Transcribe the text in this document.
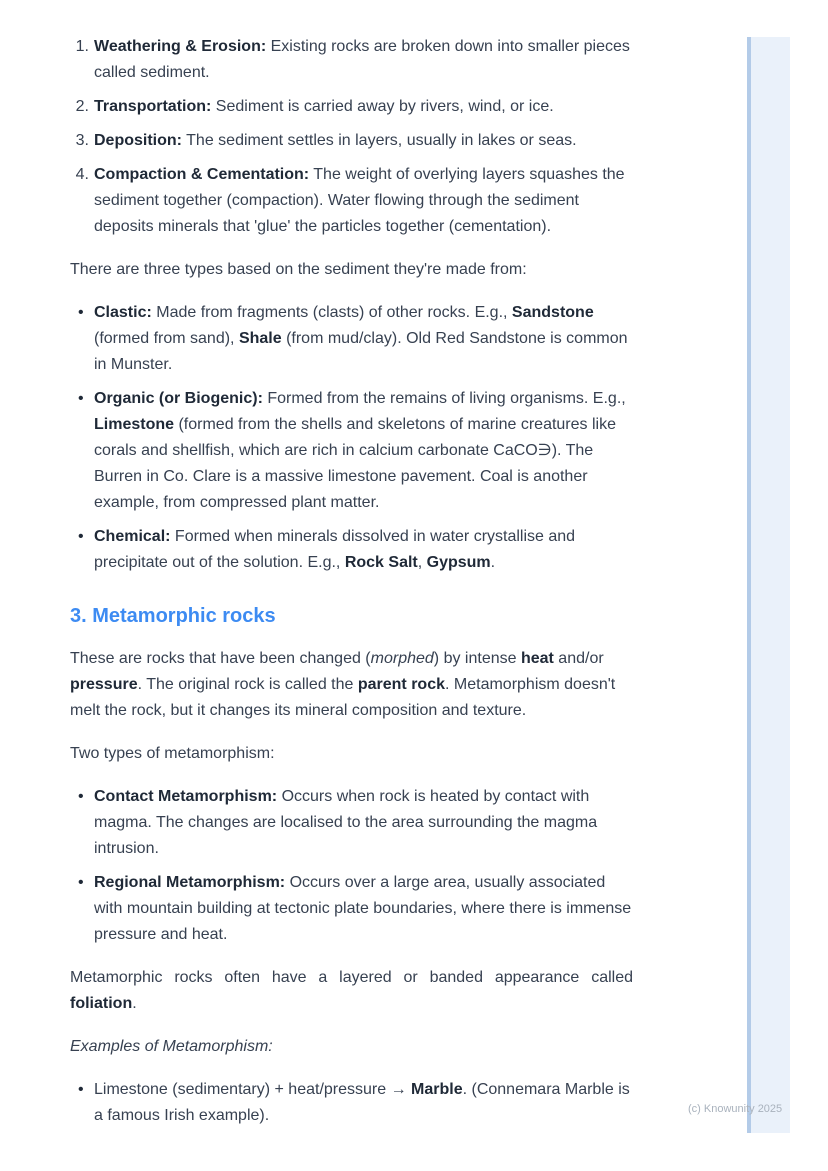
1. Weathering & Erosion: Existing rocks are broken down into smaller pieces called sediment.
2. Transportation: Sediment is carried away by rivers, wind, or ice.
3. Deposition: The sediment settles in layers, usually in lakes or seas.
4. Compaction & Cementation: The weight of overlying layers squashes the sediment together (compaction). Water flowing through the sediment deposits minerals that 'glue' the particles together (cementation).

There are three types based on the sediment they're made from:

• Clastic: Made from fragments (clasts) of other rocks. E.g., Sandstone (formed from sand), Shale (from mud/clay). Old Red Sandstone is common in Munster.
• Organic (or Biogenic): Formed from the remains of living organisms. E.g., Limestone (formed from the shells and skeletons of marine creatures like corals and shellfish, which are rich in calcium carbonate CaCO∋). The Burren in Co. Clare is a massive limestone pavement. Coal is another example, from compressed plant matter.
• Chemical: Formed when minerals dissolved in water crystallise and precipitate out of the solution. E.g., Rock Salt, Gypsum.
3. Metamorphic rocks

These are rocks that have been changed (morphed) by intense heat and/or pressure. The original rock is called the parent rock. Metamorphism doesn't melt the rock, but it changes its mineral composition and texture.

Two types of metamorphism:

• Contact Metamorphism: Occurs when rock is heated by contact with magma. The changes are localised to the area surrounding the magma intrusion.
• Regional Metamorphism: Occurs over a large area, usually associated with mountain building at tectonic plate boundaries, where there is immense pressure and heat.

Metamorphic rocks often have a layered or banded appearance called foliation.

Examples of Metamorphism:

• Limestone (sedimentary) + heat/pressure → Marble. (Connemara Marble is a famous Irish example).	(c) Knowunity 2025
